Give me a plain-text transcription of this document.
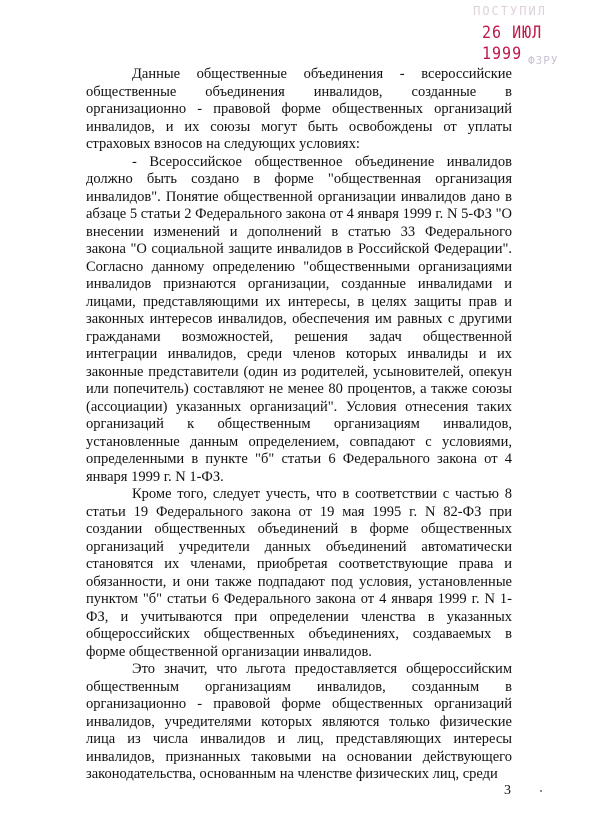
ПОСТУПИЛ
26 ИЮЛ 1999 ФЗРУ

Данные общественные объединения - всероссийские общественные объединения инвалидов, созданные в организационно - правовой форме общественных организаций инвалидов, и их союзы могут быть освобождены от уплаты страховых взносов на следующих условиях:

- Всероссийское общественное объединение инвалидов должно быть создано в форме "общественная организация инвалидов". Понятие общественной организации инвалидов дано в абзаце 5 статьи 2 Федерального закона от 4 января 1999 г. N 5-ФЗ "О внесении изменений и дополнений в статью 33 Федерального закона "О социальной защите инвалидов в Российской Федерации". Согласно данному определению "общественными организациями инвалидов признаются организации, созданные инвалидами и лицами, представляющими их интересы, в целях защиты прав и законных интересов инвалидов, обеспечения им равных с другими гражданами возможностей, решения задач общественной интеграции инвалидов, среди членов которых инвалиды и их законные представители (один из родителей, усыновителей, опекун или попечитель) составляют не менее 80 процентов, а также союзы (ассоциации) указанных организаций". Условия отнесения таких организаций к общественным организациям инвалидов, установленные данным определением, совпадают с условиями, определенными в пункте "б" статьи 6 Федерального закона от 4 января 1999 г. N 1-ФЗ.

Кроме того, следует учесть, что в соответствии с частью 8 статьи 19 Федерального закона от 19 мая 1995 г. N 82-ФЗ при создании общественных объединений в форме общественных организаций учредители данных объединений автоматически становятся их членами, приобретая соответствующие права и обязанности, и они также подпадают под условия, установленные пунктом "б" статьи 6 Федерального закона от 4 января 1999 г. N 1-ФЗ, и учитываются при определении членства в указанных общероссийских общественных объединениях, создаваемых в форме общественной организации инвалидов.

Это значит, что льгота предоставляется общероссийским общественным организациям инвалидов, созданным в организационно - правовой форме общественных организаций инвалидов, учредителями которых являются только физические лица из числа инвалидов и лиц, представляющих интересы инвалидов, признанных таковыми на основании действующего законодательства, основанным на членстве физических лиц, среди

3
